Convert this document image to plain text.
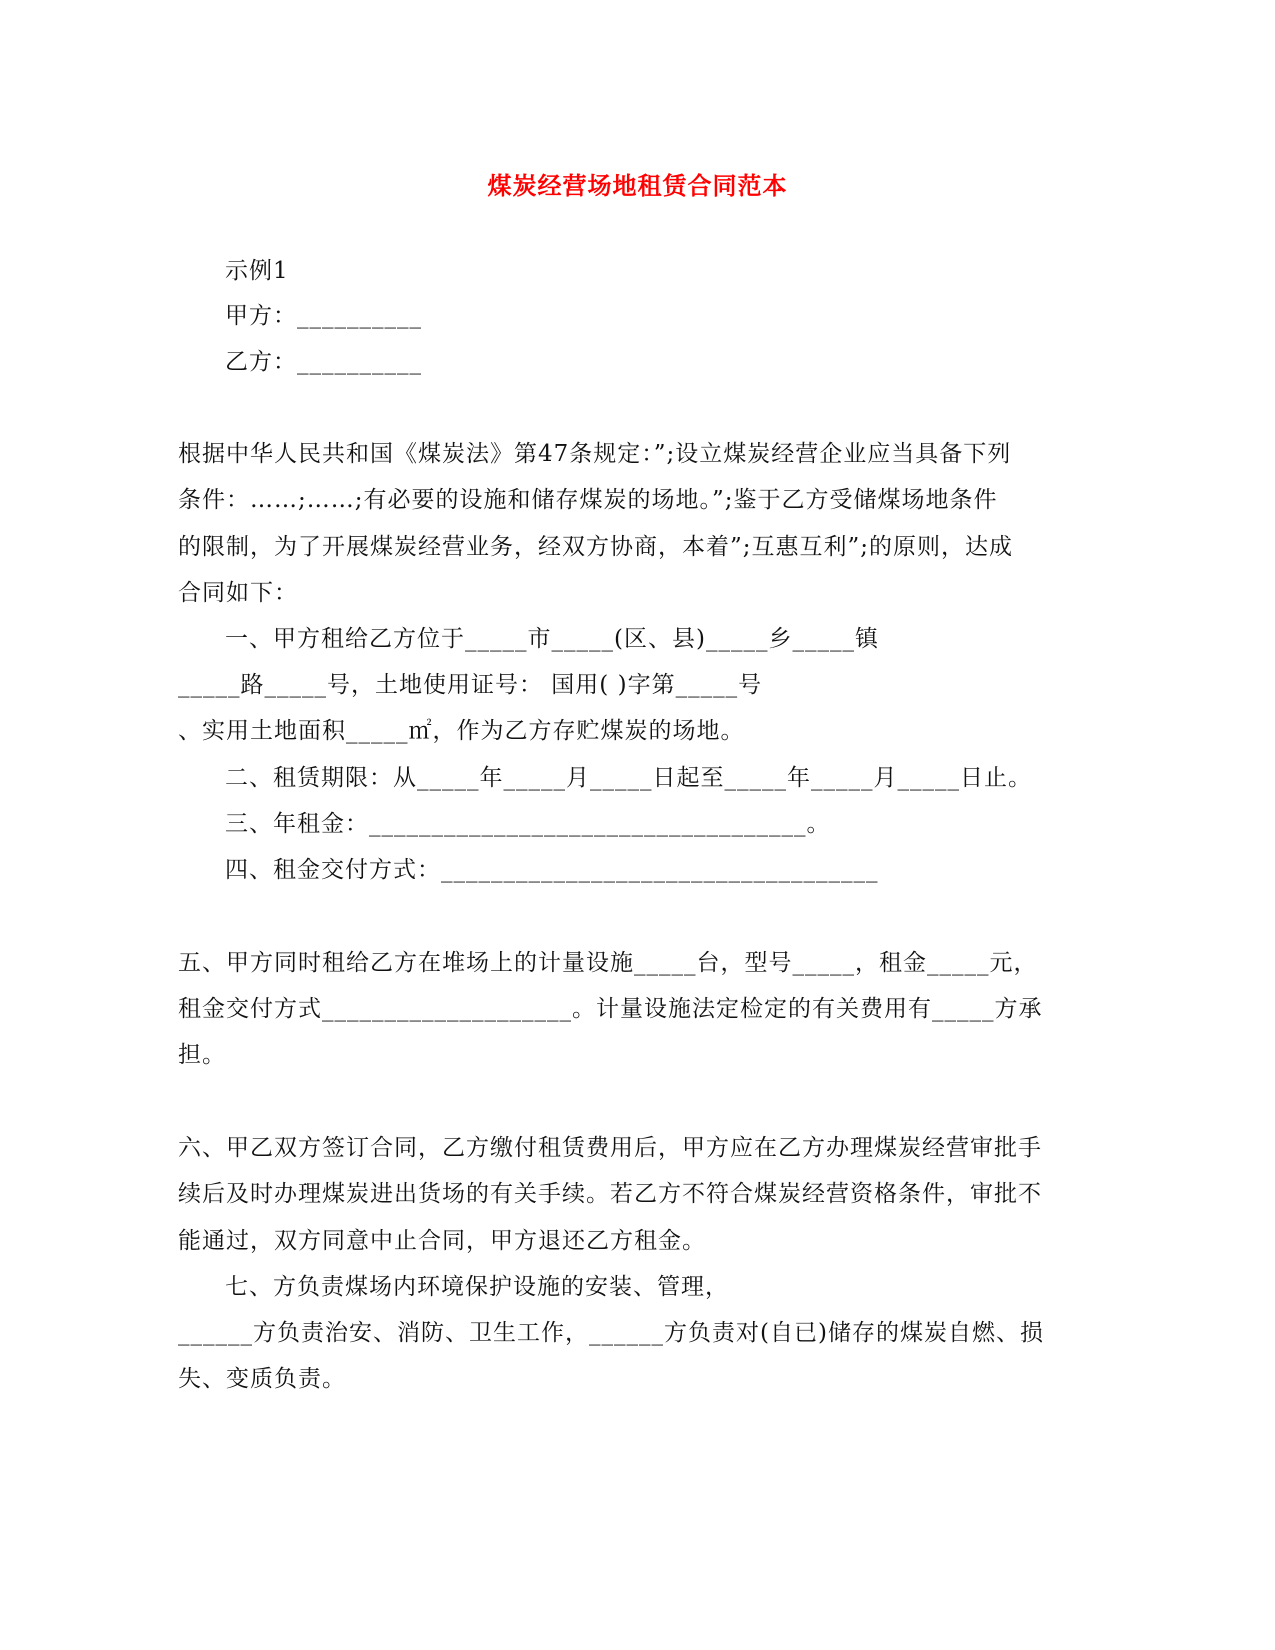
煤炭经营场地租赁合同范本
示例1
甲方：__________
乙方：__________
根据中华人民共和国《煤炭法》第47条规定：”;设立煤炭经营企业应当具备下列
条件：……;……;有必要的设施和储存煤炭的场地。”;鉴于乙方受储煤场地条件
的限制，为了开展煤炭经营业务，经双方协商，本着”;互惠互利”;的原则，达成
合同如下：
一、甲方租给乙方位于_____市_____(区、县)_____乡_____镇
_____路_____号，土地使用证号： 国用( )字第_____号
、实用土地面积_____㎡，作为乙方存贮煤炭的场地。
二、租赁期限：从_____年_____月_____日起至_____年_____月_____日止。
三、年租金：___________________________________。
四、租金交付方式：___________________________________
五、甲方同时租给乙方在堆场上的计量设施_____台，型号_____，租金_____元，
租金交付方式____________________。计量设施法定检定的有关费用有_____方承
担。
六、甲乙双方签订合同，乙方缴付租赁费用后，甲方应在乙方办理煤炭经营审批手
续后及时办理煤炭进出货场的有关手续。若乙方不符合煤炭经营资格条件，审批不
能通过，双方同意中止合同，甲方退还乙方租金。
七、方负责煤场内环境保护设施的安装、管理，
______方负责治安、消防、卫生工作，______方负责对(自已)储存的煤炭自燃、损
失、变质负责。
